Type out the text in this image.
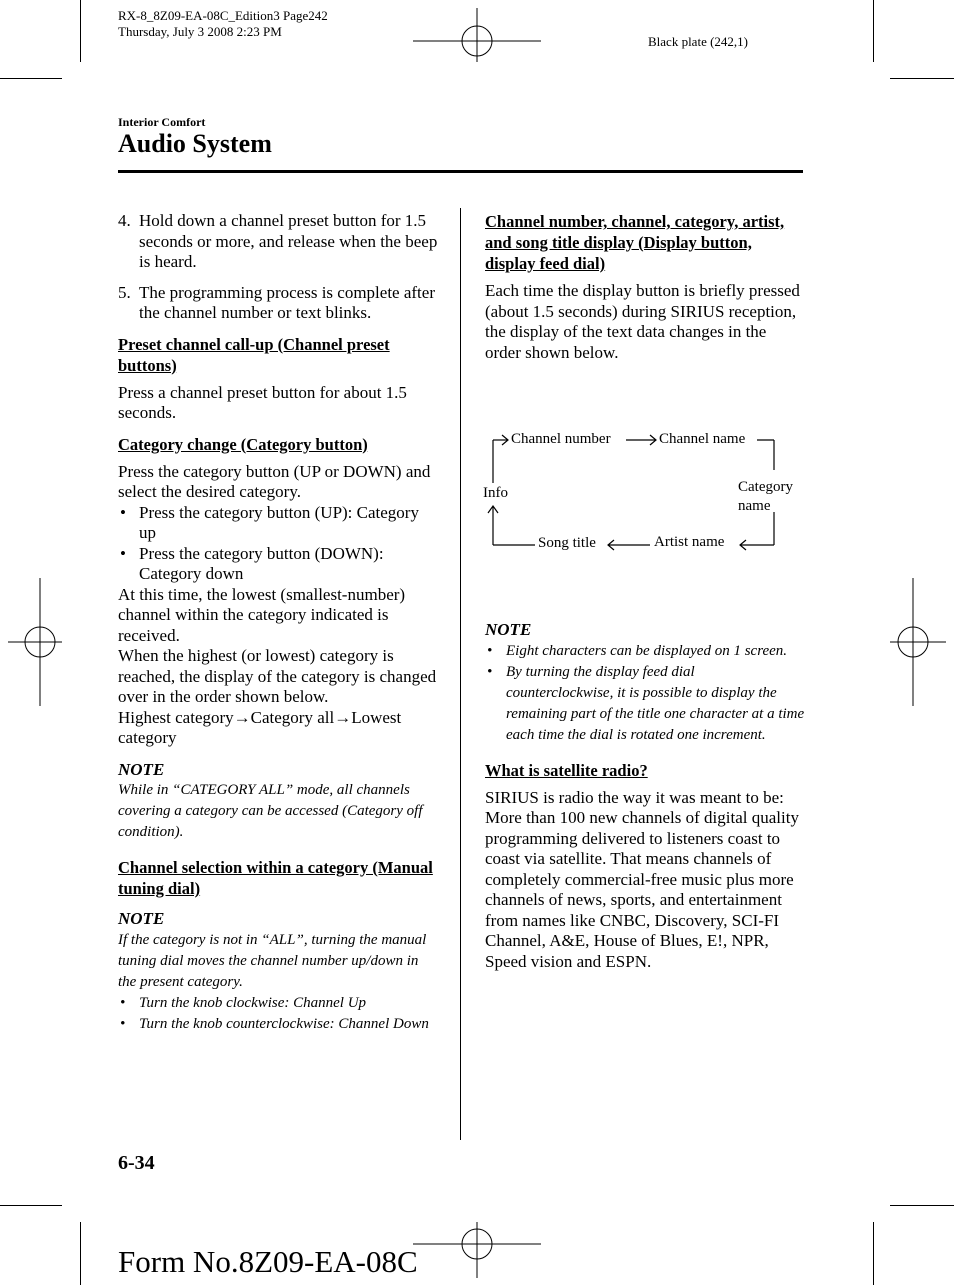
RX-8_8Z09-EA-08C_Edition3 Page242
Thursday, July 3 2008 2:23 PM
Black plate (242,1)
Interior Comfort
Audio System
4. Hold down a channel preset button for 1.5 seconds or more, and release when the beep is heard.
5. The programming process is complete after the channel number or text blinks.
Preset channel call-up (Channel preset buttons)
Press a channel preset button for about 1.5 seconds.
Category change (Category button)
Press the category button (UP or DOWN) and select the desired category.
• Press the category button (UP): Category up
• Press the category button (DOWN): Category down
At this time, the lowest (smallest-number) channel within the category indicated is received.
When the highest (or lowest) category is reached, the display of the category is changed over in the order shown below.
Highest category→Category all→Lowest category
NOTE
While in “CATEGORY ALL” mode, all channels covering a category can be accessed (Category off condition).
Channel selection within a category (Manual tuning dial)
NOTE
If the category is not in “ALL”, turning the manual tuning dial moves the channel number up/down in the present category.
• Turn the knob clockwise: Channel Up
• Turn the knob counterclockwise: Channel Down
Channel number, channel, category, artist, and song title display (Display button, display feed dial)
Each time the display button is briefly pressed (about 1.5 seconds) during SIRIUS reception, the display of the text data changes in the order shown below.
Channel number	Channel name
Category
name
Info
Song title	Artist name
NOTE
• Eight characters can be displayed on 1 screen.
• By turning the display feed dial counterclockwise, it is possible to display the remaining part of the title one character at a time each time the dial is rotated one increment.
What is satellite radio?
SIRIUS is radio the way it was meant to be: More than 100 new channels of digital quality programming delivered to listeners coast to coast via satellite. That means channels of completely commercial-free music plus more channels of news, sports, and entertainment from names like CNBC, Discovery, SCI-FI Channel, A&E, House of Blues, E!, NPR, Speed vision and ESPN.
6-34
Form No.8Z09-EA-08C
